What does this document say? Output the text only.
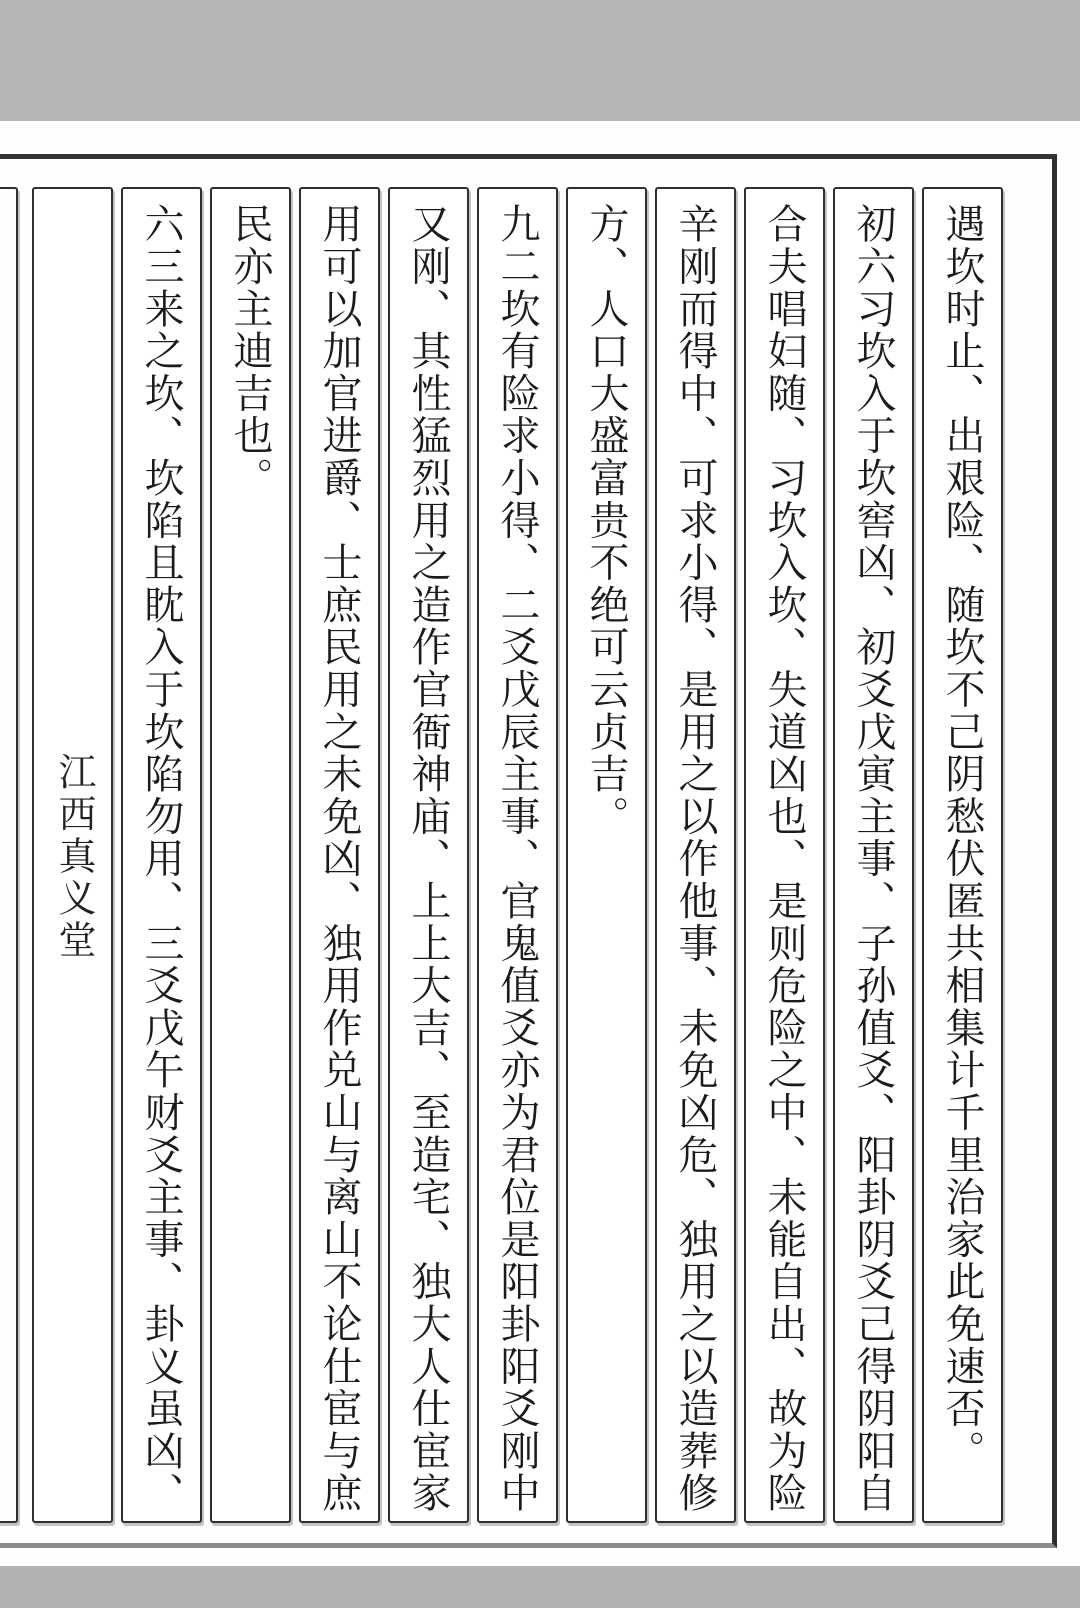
遇坎时止、出艰险、随坎不己阴愁伏匿共相集计千里治家此免速否。
初六习坎入于坎窖凶、初爻戊寅主事、子孙值爻、阳卦阴爻己得阴阳自
合夫唱妇随、习坎入坎、失道凶也、是则危险之中、未能自出、故为险
辛刚而得中、可求小得、是用之以作他事、未免凶危、独用之以造葬修
方、人口大盛富贵不绝可云贞吉。
九二坎有险求小得、二爻戊辰主事、官鬼值爻亦为君位是阳卦阳爻刚中
又刚、其性猛烈用之造作官衙神庙、上上大吉、至造宅、独大人仕宦家
用可以加官进爵、士庶民用之未免凶、独用作兑山与离山不论仕宦与庶
民亦主迪吉也。
六三来之坎、坎陷且眈入于坎陷勿用、三爻戊午财爻主事、卦义虽凶、
江西真义堂
